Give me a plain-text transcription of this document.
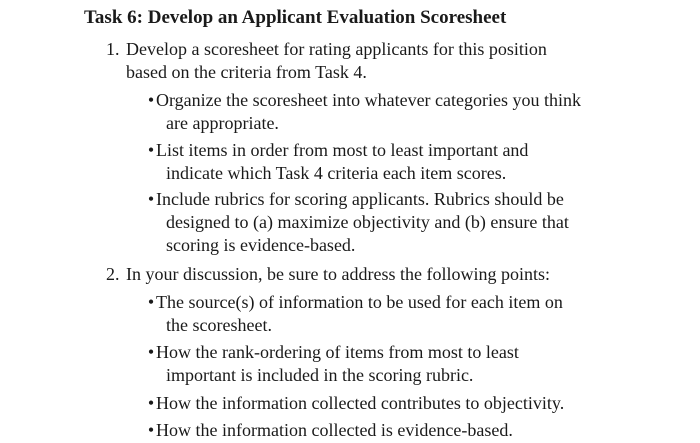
Task 6: Develop an Applicant Evaluation Scoresheet
1. Develop a scoresheet for rating applicants for this position
based on the criteria from Task 4.
• Organize the scoresheet into whatever categories you think
are appropriate.
• List items in order from most to least important and
indicate which Task 4 criteria each item scores.
• Include rubrics for scoring applicants. Rubrics should be
designed to (a) maximize objectivity and (b) ensure that
scoring is evidence-based.
2. In your discussion, be sure to address the following points:
• The source(s) of information to be used for each item on
the scoresheet.
• How the rank-ordering of items from most to least
important is included in the scoring rubric.
• How the information collected contributes to objectivity.
• How the information collected is evidence-based.
